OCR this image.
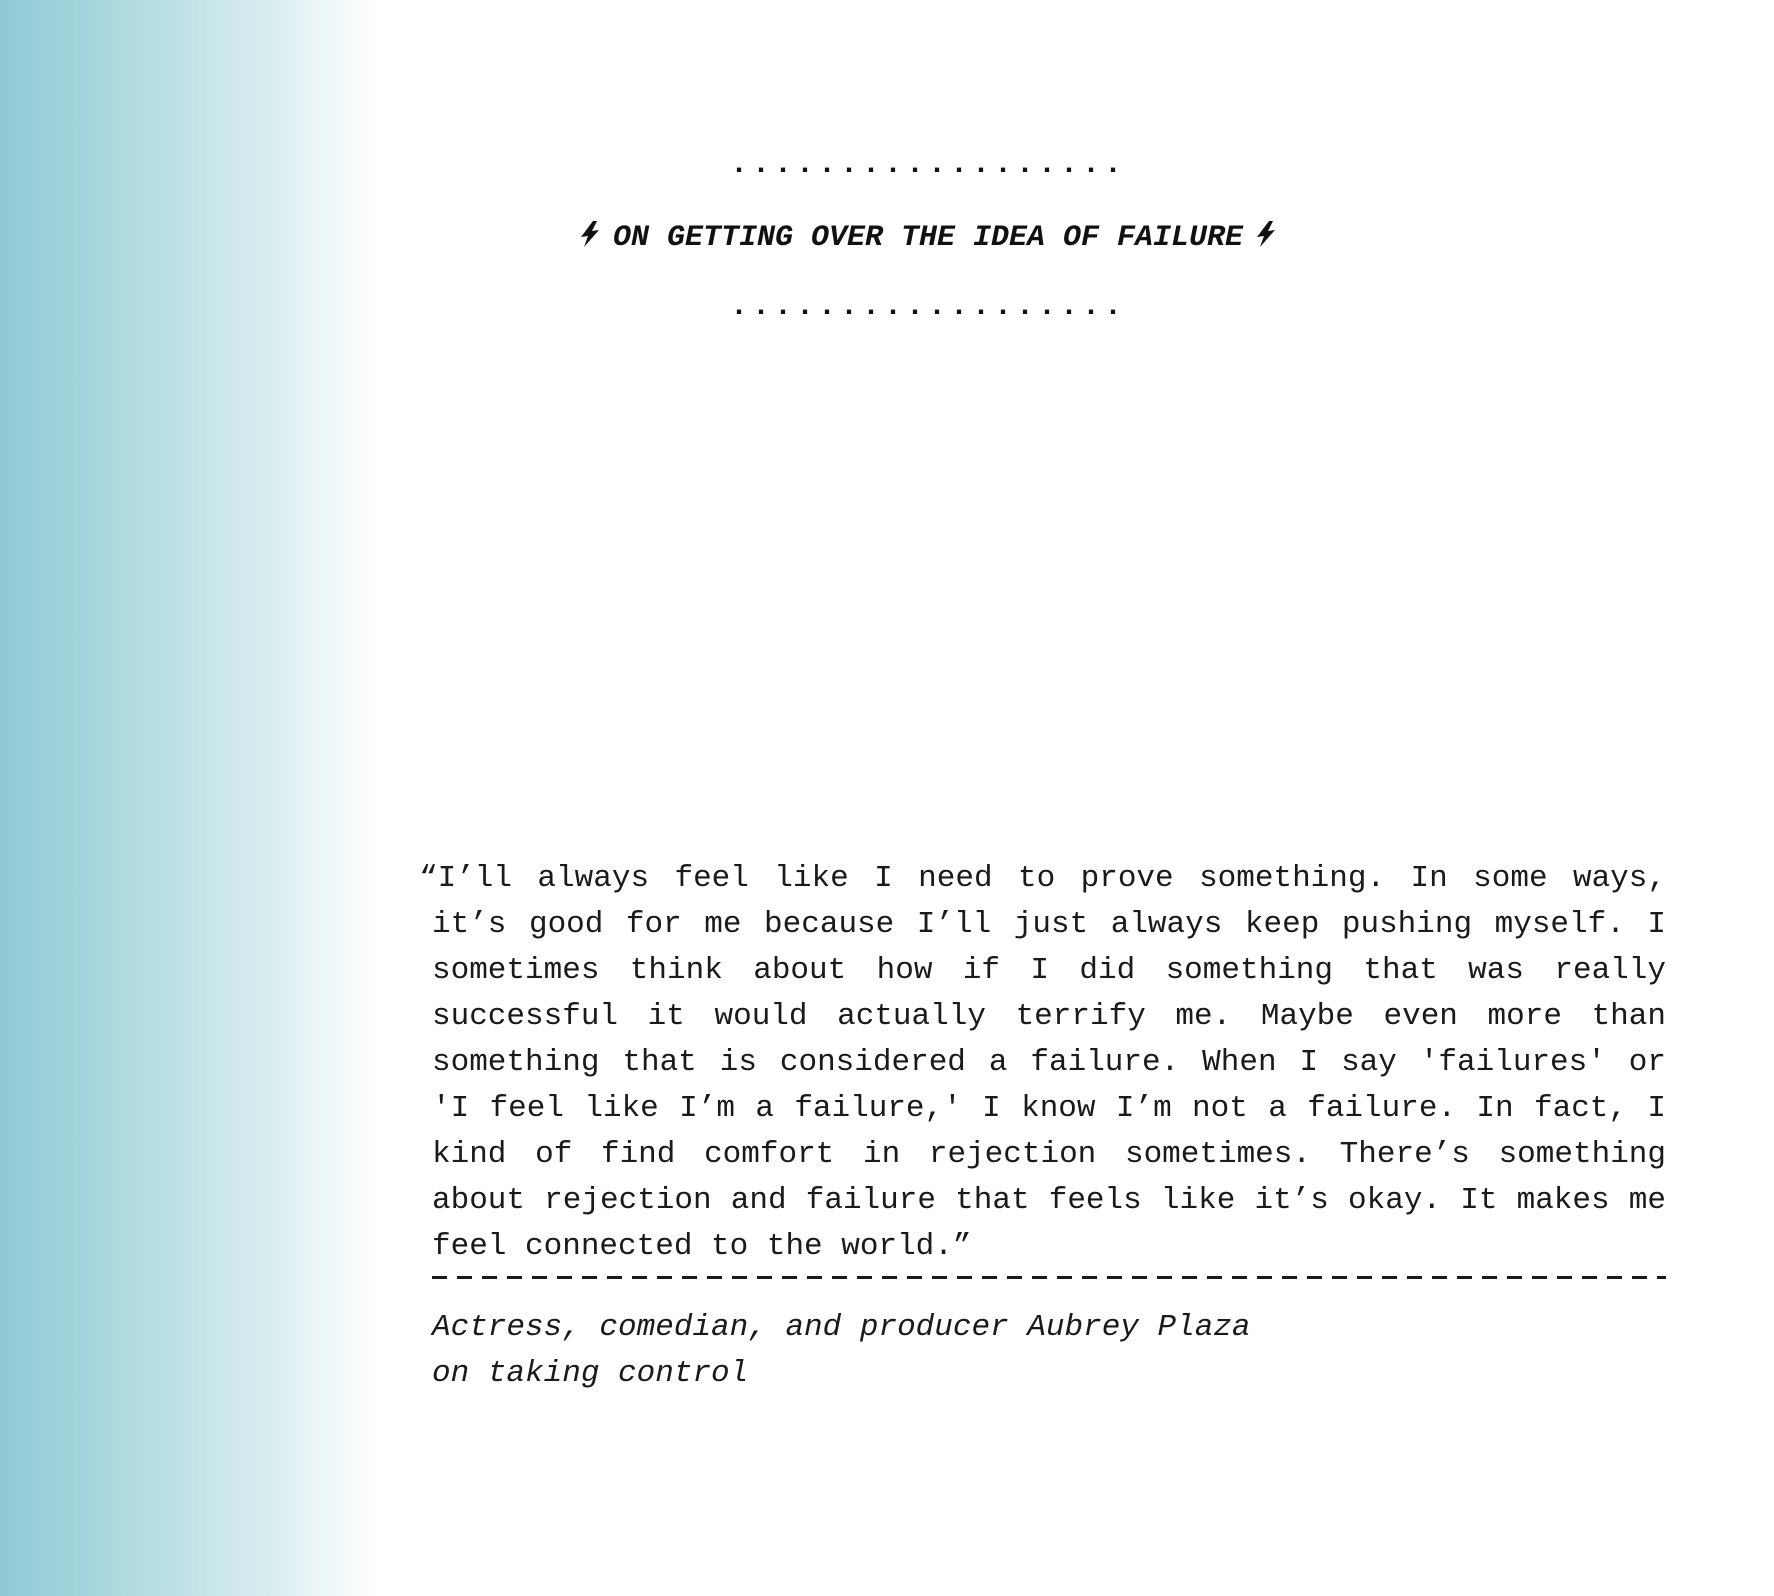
..................
ON GETTING OVER THE IDEA OF FAILURE
..................

“I’ll always feel like I need to prove something. In some ways, it’s good for me because I’ll just always keep pushing myself. I sometimes think about how if I did something that was really successful it would actually terrify me. Maybe even more than something that is considered a failure. When I say 'failures' or 'I feel like I’m a failure,' I know I’m not a failure. In fact, I kind of find comfort in rejection sometimes. There’s something about rejection and failure that feels like it’s okay. It makes me feel connected to the world.”

Actress, comedian, and producer Aubrey Plaza
on taking control
